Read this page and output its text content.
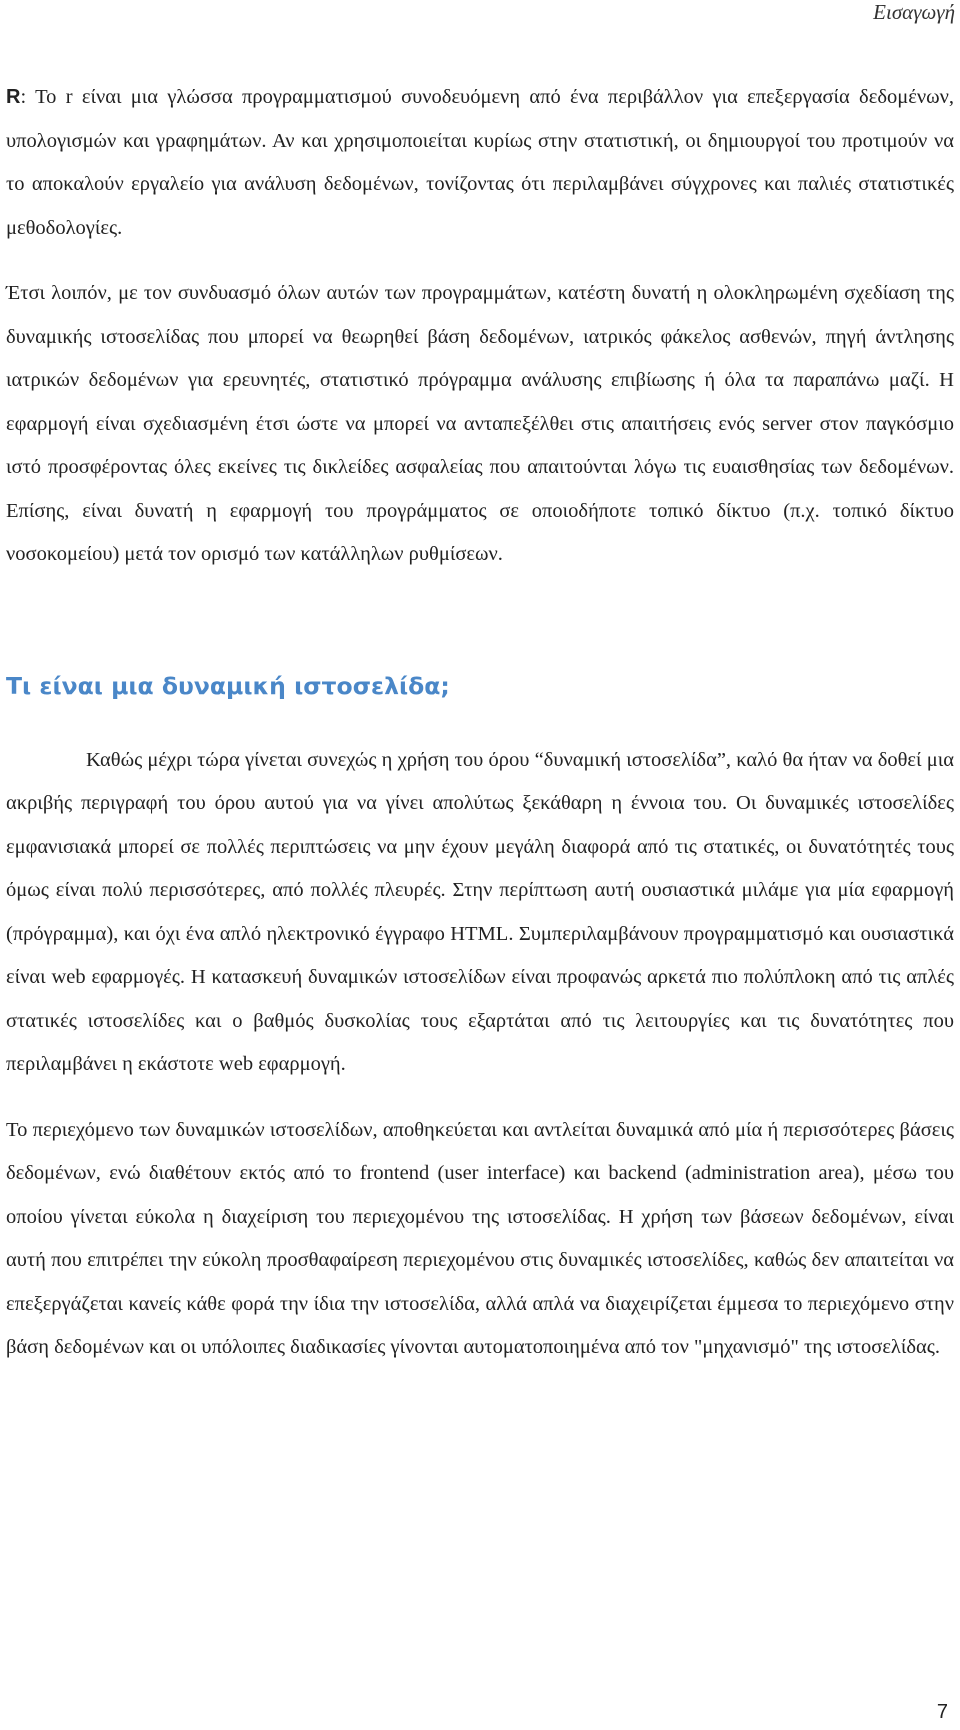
Εισαγωγή

R: To r είναι μια γλώσσα προγραμματισμού συνοδευόμενη από ένα περιβάλλον για επεξεργασία δεδομένων, υπολογισμών και γραφημάτων. Αν και χρησιμοποιείται κυρίως στην στατιστική, οι δημιουργοί του προτιμούν να το αποκαλούν εργαλείο για ανάλυση δεδομένων, τονίζοντας ότι περιλαμβάνει σύγχρονες και παλιές στατιστικές μεθοδολογίες.

Έτσι λοιπόν, με τον συνδυασμό όλων αυτών των προγραμμάτων, κατέστη δυνατή η ολοκληρωμένη σχεδίαση της δυναμικής ιστοσελίδας που μπορεί να θεωρηθεί βάση δεδομένων, ιατρικός φάκελος ασθενών, πηγή άντλησης ιατρικών δεδομένων για ερευνητές, στατιστικό πρόγραμμα ανάλυσης επιβίωσης ή όλα τα παραπάνω μαζί. Η εφαρμογή είναι σχεδιασμένη έτσι ώστε να μπορεί να ανταπεξέλθει στις απαιτήσεις ενός server στον παγκόσμιο ιστό προσφέροντας όλες εκείνες τις δικλείδες ασφαλείας που απαιτούνται λόγω τις ευαισθησίας των δεδομένων. Επίσης, είναι δυνατή η εφαρμογή του προγράμματος σε οποιοδήποτε τοπικό δίκτυο (π.χ. τοπικό δίκτυο νοσοκομείου) μετά τον ορισμό των κατάλληλων ρυθμίσεων.

Τι είναι μια δυναμική ιστοσελίδα;

Καθώς μέχρι τώρα γίνεται συνεχώς η χρήση του όρου “δυναμική ιστοσελίδα”, καλό θα ήταν να δοθεί μια ακριβής περιγραφή του όρου αυτού για να γίνει απολύτως ξεκάθαρη η έννοια του. Οι δυναμικές ιστοσελίδες εμφανισιακά μπορεί σε πολλές περιπτώσεις να μην έχουν μεγάλη διαφορά από τις στατικές, οι δυνατότητές τους όμως είναι πολύ περισσότερες, από πολλές πλευρές. Στην περίπτωση αυτή ουσιαστικά μιλάμε για μία εφαρμογή (πρόγραμμα), και όχι ένα απλό ηλεκτρονικό έγγραφο HTML. Συμπεριλαμβάνουν προγραμματισμό και ουσιαστικά είναι web εφαρμογές. Η κατασκευή δυναμικών ιστοσελίδων είναι προφανώς αρκετά πιο πολύπλοκη από τις απλές στατικές ιστοσελίδες και ο βαθμός δυσκολίας τους εξαρτάται από τις λειτουργίες και τις δυνατότητες που περιλαμβάνει η εκάστοτε web εφαρμογή.

Το περιεχόμενο των δυναμικών ιστοσελίδων, αποθηκεύεται και αντλείται δυναμικά από μία ή περισσότερες βάσεις δεδομένων, ενώ διαθέτουν εκτός από το frontend (user interface) και backend (administration area), μέσω του οποίου γίνεται εύκολα η διαχείριση του περιεχομένου της ιστοσελίδας. Η χρήση των βάσεων δεδομένων, είναι αυτή που επιτρέπει την εύκολη προσθαφαίρεση περιεχομένου στις δυναμικές ιστοσελίδες, καθώς δεν απαιτείται να επεξεργάζεται κανείς κάθε φορά την ίδια την ιστοσελίδα, αλλά απλά να διαχειρίζεται έμμεσα το περιεχόμενο στην βάση δεδομένων και οι υπόλοιπες διαδικασίες γίνονται αυτοματοποιημένα από τον "μηχανισμό" της ιστοσελίδας.

7
